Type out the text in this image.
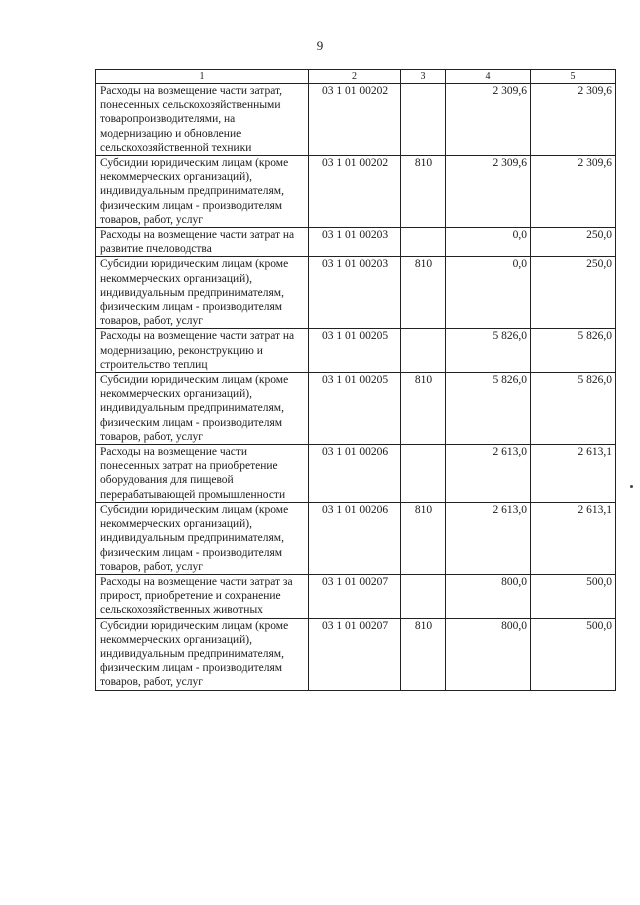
9
1	2	3	4	5
Расходы на возмещение части затрат, понесенных сельскохозяйственными товаропроизводителями, на модернизацию и обновление сельскохозяйственной техники	03 1 01 00202		2 309,6	2 309,6
Субсидии юридическим лицам (кроме некоммерческих организаций), индивидуальным предпринимателям, физическим лицам - производителям товаров, работ, услуг	03 1 01 00202	810	2 309,6	2 309,6
Расходы на возмещение части затрат на развитие пчеловодства	03 1 01 00203		0,0	250,0
Субсидии юридическим лицам (кроме некоммерческих организаций), индивидуальным предпринимателям, физическим лицам - производителям товаров, работ, услуг	03 1 01 00203	810	0,0	250,0
Расходы на возмещение части затрат на модернизацию, реконструкцию и строительство теплиц	03 1 01 00205		5 826,0	5 826,0
Субсидии юридическим лицам (кроме некоммерческих организаций), индивидуальным предпринимателям, физическим лицам - производителям товаров, работ, услуг	03 1 01 00205	810	5 826,0	5 826,0
Расходы на возмещение части понесенных затрат на приобретение оборудования для пищевой перерабатывающей промышленности	03 1 01 00206		2 613,0	2 613,1
Субсидии юридическим лицам (кроме некоммерческих организаций), индивидуальным предпринимателям, физическим лицам - производителям товаров, работ, услуг	03 1 01 00206	810	2 613,0	2 613,1
Расходы на возмещение части затрат за прирост, приобретение и сохранение сельскохозяйственных животных	03 1 01 00207		800,0	500,0
Субсидии юридическим лицам (кроме некоммерческих организаций), индивидуальным предпринимателям, физическим лицам - производителям товаров, работ, услуг	03 1 01 00207	810	800,0	500,0
